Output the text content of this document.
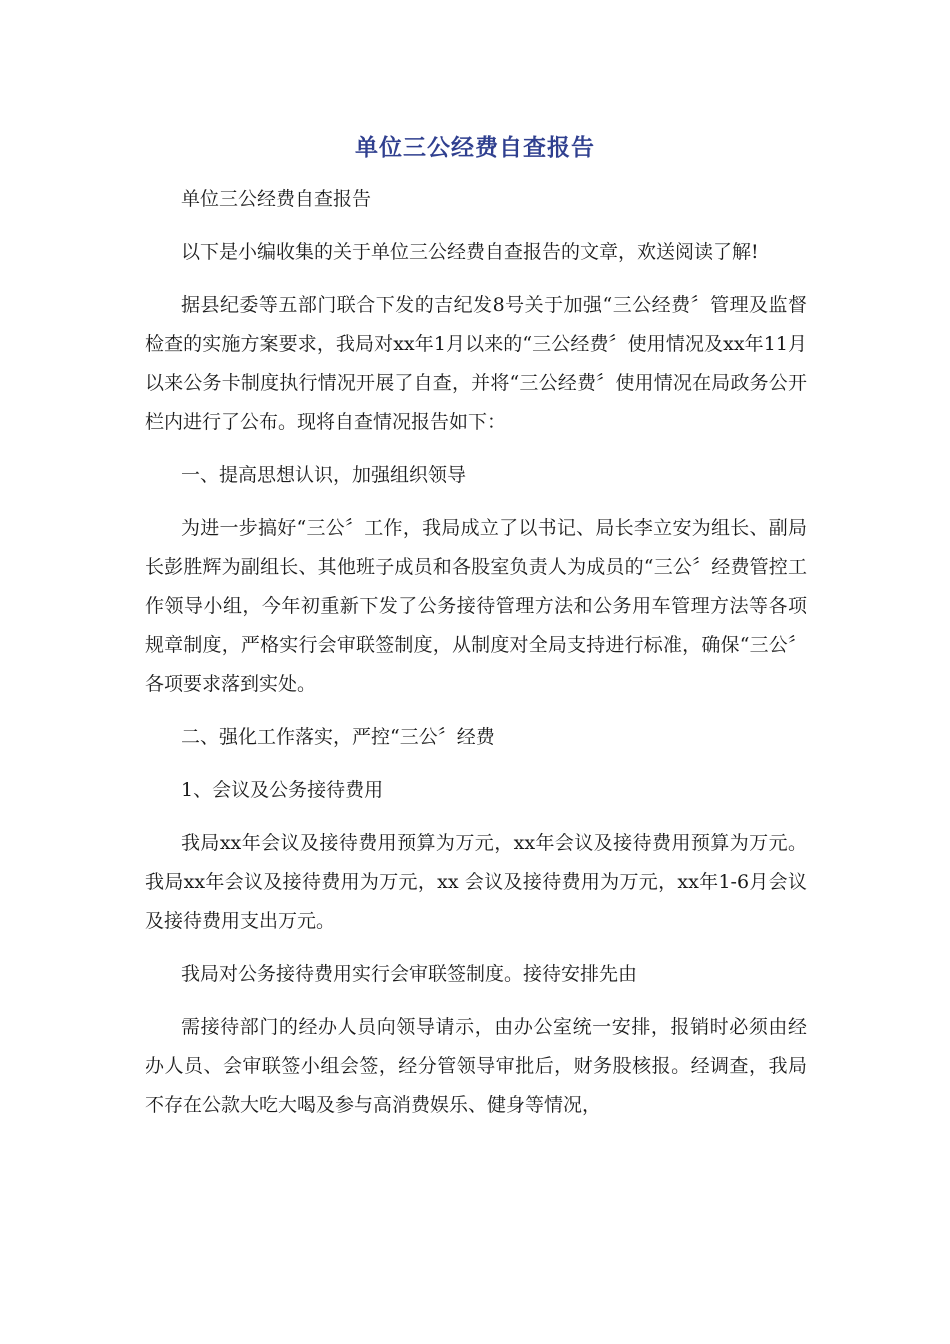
单位三公经费自查报告

单位三公经费自查报告

以下是小编收集的关于单位三公经费自查报告的文章，欢送阅读了解!

据县纪委等五部门联合下发的吉纪发8号关于加强“三公经费〞管理及监督检查的实施方案要求，我局对xx年1月以来的“三公经费〞使用情况及xx年11月以来公务卡制度执行情况开展了自查，并将“三公经费〞使用情况在局政务公开栏内进行了公布。现将自查情况报告如下：

一、提高思想认识，加强组织领导

为进一步搞好“三公〞工作，我局成立了以书记、局长李立安为组长、副局长彭胜辉为副组长、其他班子成员和各股室负责人为成员的“三公〞经费管控工作领导小组，今年初重新下发了公务接待管理方法和公务用车管理方法等各项规章制度，严格实行会审联签制度，从制度对全局支持进行标准，确保“三公〞各项要求落到实处。

二、强化工作落实，严控“三公〞经费

1、会议及公务接待费用

我局xx年会议及接待费用预算为万元，xx年会议及接待费用预算为万元。我局xx年会议及接待费用为万元，xx 会议及接待费用为万元，xx年1-6月会议及接待费用支出万元。

我局对公务接待费用实行会审联签制度。接待安排先由

需接待部门的经办人员向领导请示，由办公室统一安排，报销时必须由经办人员、会审联签小组会签，经分管领导审批后，财务股核报。经调查，我局不存在公款大吃大喝及参与高消费娱乐、健身等情况，
